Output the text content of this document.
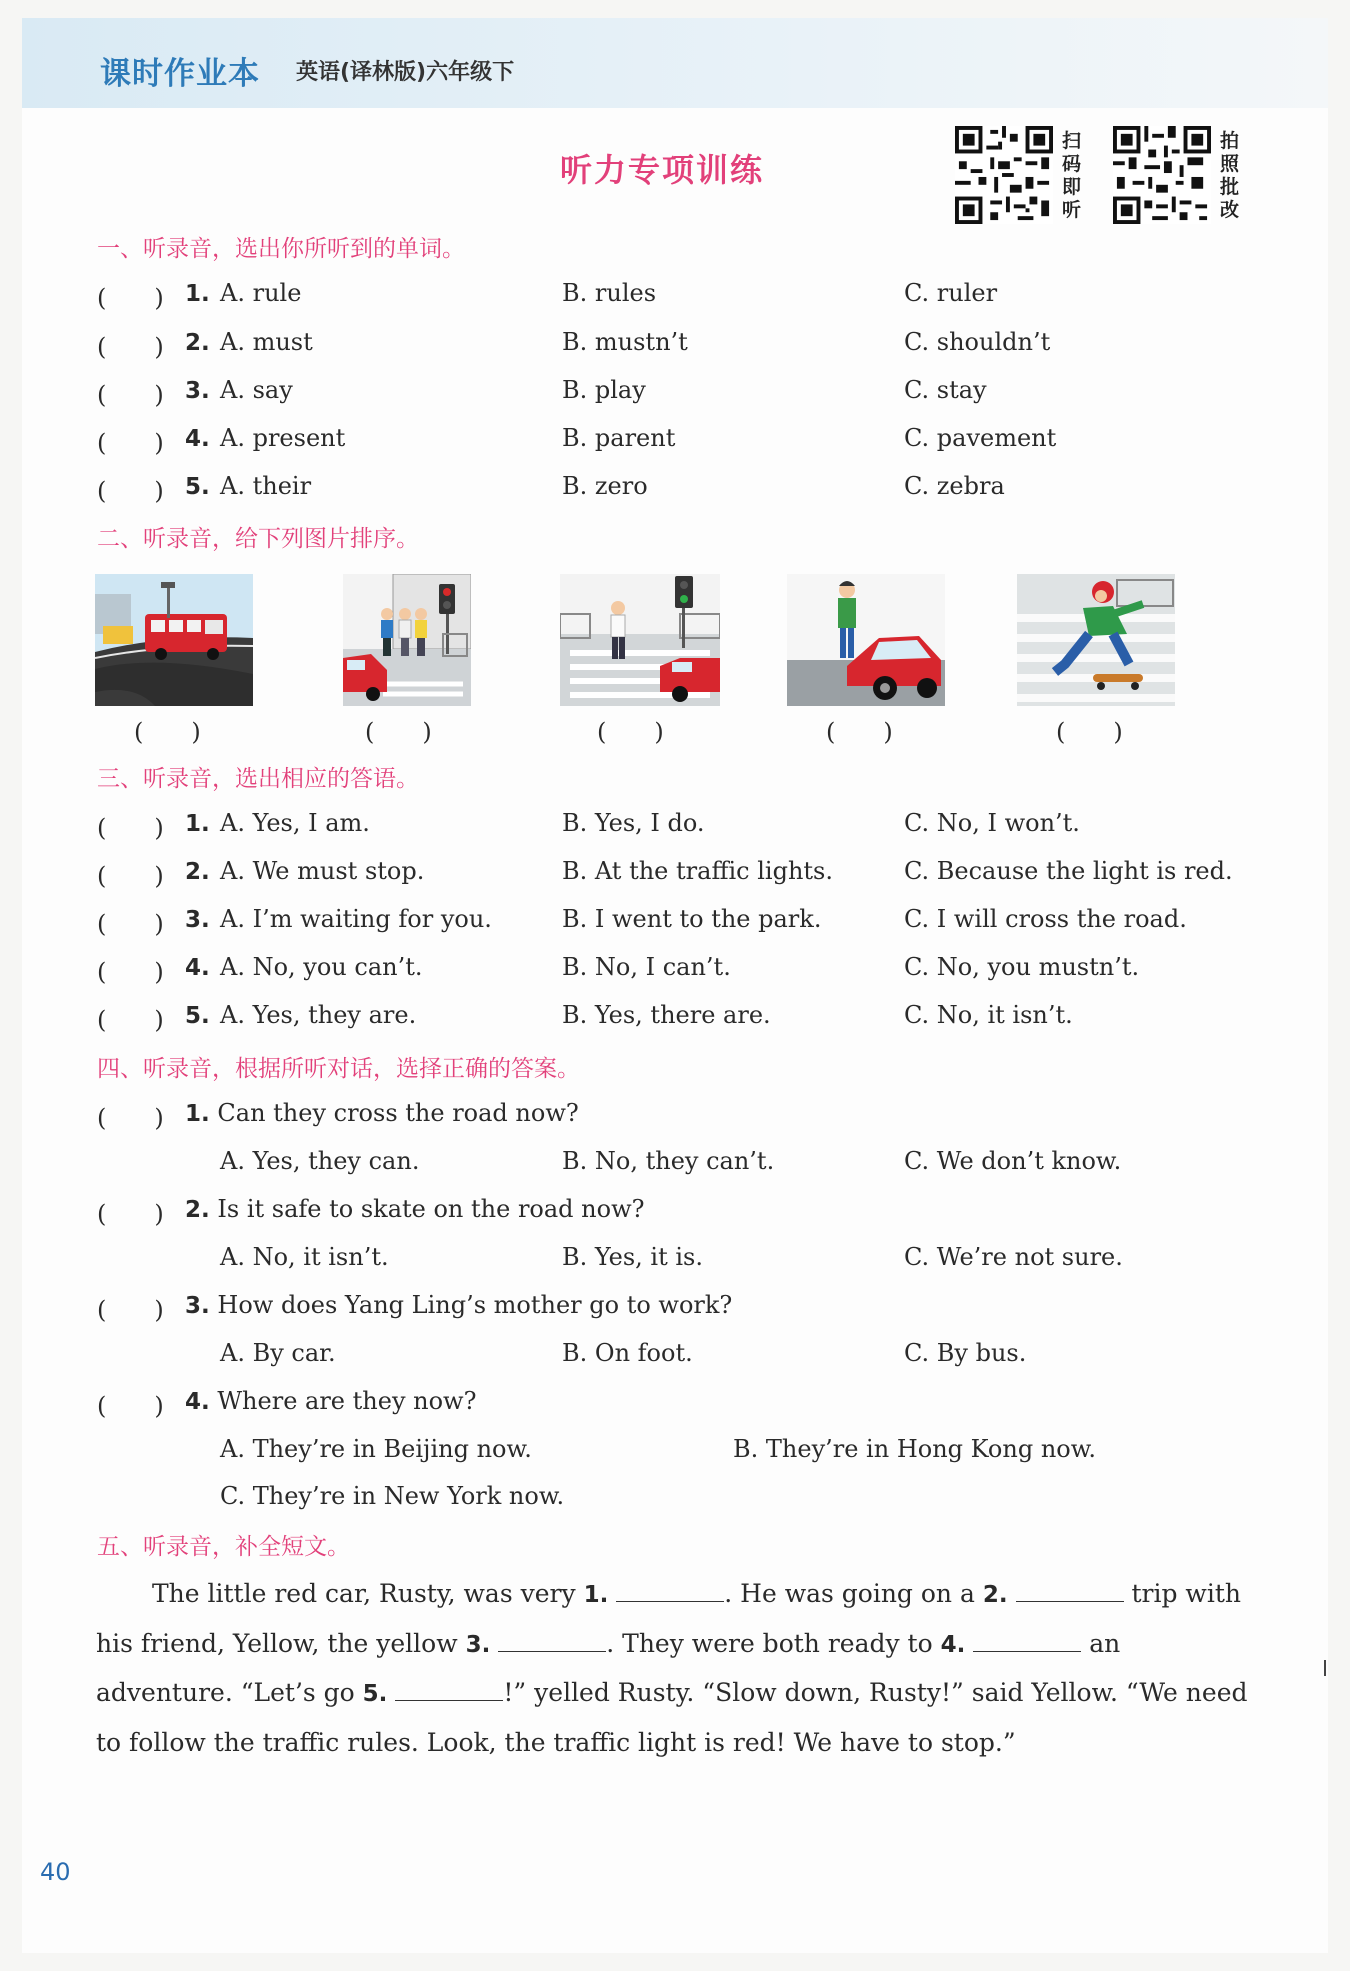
课时作业本 英语(译林版)六年级下
听力专项训练
扫
码
即
听
拍
照
批
改
一、听录音，选出你所听到的单词。
(　　) 1. A. rule	B. rules	C. ruler
(　　) 2. A. must	B. mustn’t	C. shouldn’t
(　　) 3. A. say	B. play	C. stay
(　　) 4. A. present	B. parent	C. pavement
(　　) 5. A. their	B. zero	C. zebra
二、听录音，给下列图片排序。
(　　)	(　　)	(　　)	(　　)	(　　)
三、听录音，选出相应的答语。
(　　) 1. A. Yes, I am.	B. Yes, I do.	C. No, I won’t.
(　　) 2. A. We must stop.	B. At the traffic lights.	C. Because the light is red.
(　　) 3. A. I’m waiting for you.	B. I went to the park.	C. I will cross the road.
(　　) 4. A. No, you can’t.	B. No, I can’t.	C. No, you mustn’t.
(　　) 5. A. Yes, they are.	B. Yes, there are.	C. No, it isn’t.
四、听录音，根据所听对话，选择正确的答案。
(　　) 1. Can they cross the road now?
A. Yes, they can.	B. No, they can’t.	C. We don’t know.
(　　) 2. Is it safe to skate on the road now?
A. No, it isn’t.	B. Yes, it is.	C. We’re not sure.
(　　) 3. How does Yang Ling’s mother go to work?
A. By car.	B. On foot.	C. By bus.
(　　) 4. Where are they now?
A. They’re in Beijing now.	B. They’re in Hong Kong now.
C. They’re in New York now.
五、听录音，补全短文。
The little red car, Rusty, was very 1.	. He was going on a 2.	trip with his friend, Yellow, the yellow 3.	. They were both ready to 4.	an adventure. “Let’s go 5.	!” yelled Rusty. “Slow down, Rusty!” said Yellow. “We need to follow the traffic rules. Look, the traffic light is red! We have to stop.”
40
